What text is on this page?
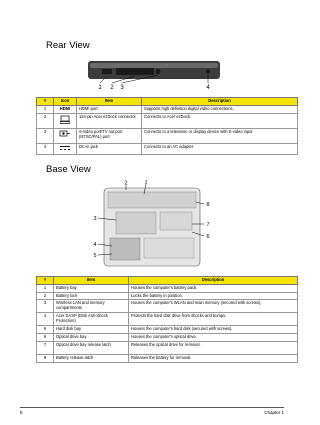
Rear View
1 2 3	4
#	Icon	Item	Description
1	HDMI	HDMI port	Supports high definition digital video connections.
2		124-pin Acer ezDock connector	Connects to Acer ezDock.
3		S-video port/TV out port (NTSC/PAL) port	Connects to a television or display device with S-video input
4		DC-in jack	Connects to an AC adapter.
Base View
1
2
3
4
5
6
7
8
#	Item	Description
1	Battery bay	Houses the computer's battery pack.
2	Battery lock	Locks the battery in position.
3	Wireless LAN and memory compartments	Houses the computer's WLAN and main memory (secured with screws).
4	Acer DASP (Disk Anti-Shock Protection)	Protects the hard disk drive from shocks and bumps.
5	Hard disk bay	Houses the computer's hard disk (secured with screws).
6	Optical drive bay	Houses the computer's optical drive.
7	Optical drive bay release latch	Releases the optical drive for removal.
8	Battery release latch	Releases the battery for removal.
8	Chapter 1
